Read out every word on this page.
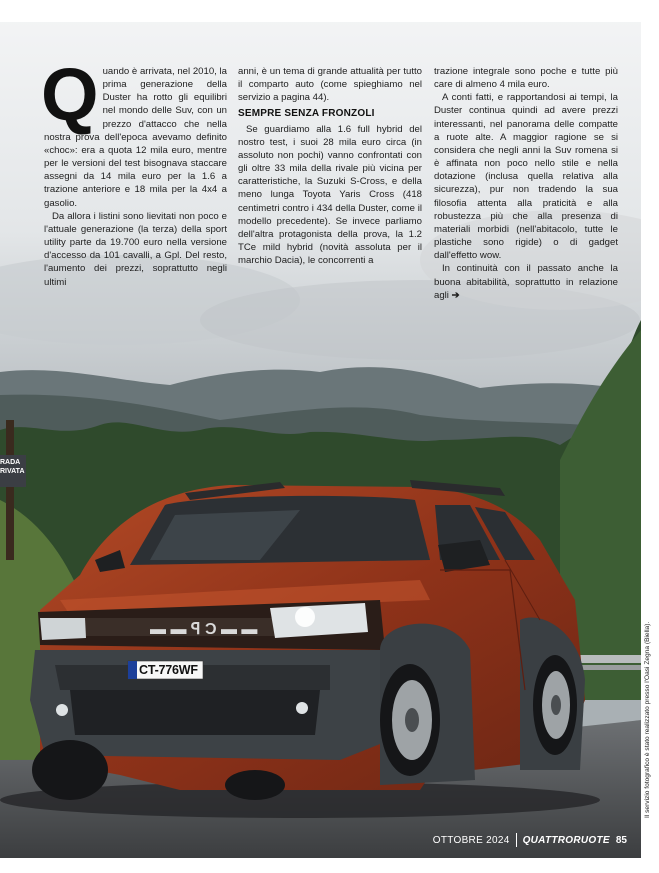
▬ ▬ ꟼ Ͻ ▬ ▬
RADA
RIVATA
CT-776WF
Q uando è arrivata, nel 2010, la prima generazione della Duster ha rotto gli equilibri nel mondo delle Suv, con un prezzo d'attacco che nella nostra prova dell'epoca avevamo definito «choc»: era a quota 12 mila euro, mentre per le versioni del test bisognava staccare assegni da 14 mila euro per la 1.6 a trazione anteriore e 18 mila per la 4x4 a gasolio.

Da allora i listini sono lievitati non poco e l'attuale generazione (la terza) della sport utility parte da 19.700 euro nella versione d'accesso da 101 cavalli, a Gpl. Del resto, l'aumento dei prezzi, soprattutto negli ultimi

anni, è un tema di grande attualità per tutto il comparto auto (come spieghiamo nel servizio a pagina 44).

SEMPRE SENZA FRONZOLI

Se guardiamo alla 1.6 full hybrid del nostro test, i suoi 28 mila euro circa (in assoluto non pochi) vanno confrontati con gli oltre 33 mila della rivale più vicina per caratteristiche, la Suzuki S-Cross, e della meno lunga Toyota Yaris Cross (418 centimetri contro i 434 della Duster, come il modello precedente). Se invece parliamo dell'altra protagonista della prova, la 1.2 TCe mild hybrid (novità assoluta per il marchio Dacia), le concorrenti a

trazione integrale sono poche e tutte più care di almeno 4 mila euro.

A conti fatti, e rapportandosi ai tempi, la Duster continua quindi ad avere prezzi interessanti, nel panorama delle compatte a ruote alte. A maggior ragione se si considera che negli anni la Suv romena si è affinata non poco nello stile e nella dotazione (inclusa quella relativa alla sicurezza), pur non tradendo la sua filosofia attenta alla praticità e alla robustezza più che alla presenza di materiali morbidi (nell'abitacolo, tutte le plastiche sono rigide) o di gadget dall'effetto wow.

In continuità con il passato anche la buona abitabilità, soprattutto in relazione agli ➔

Il servizio fotografico è stato realizzato presso l'Oasi Zegna (Biella).
OTTOBRE 2024 QUATTRORUOTE 85
